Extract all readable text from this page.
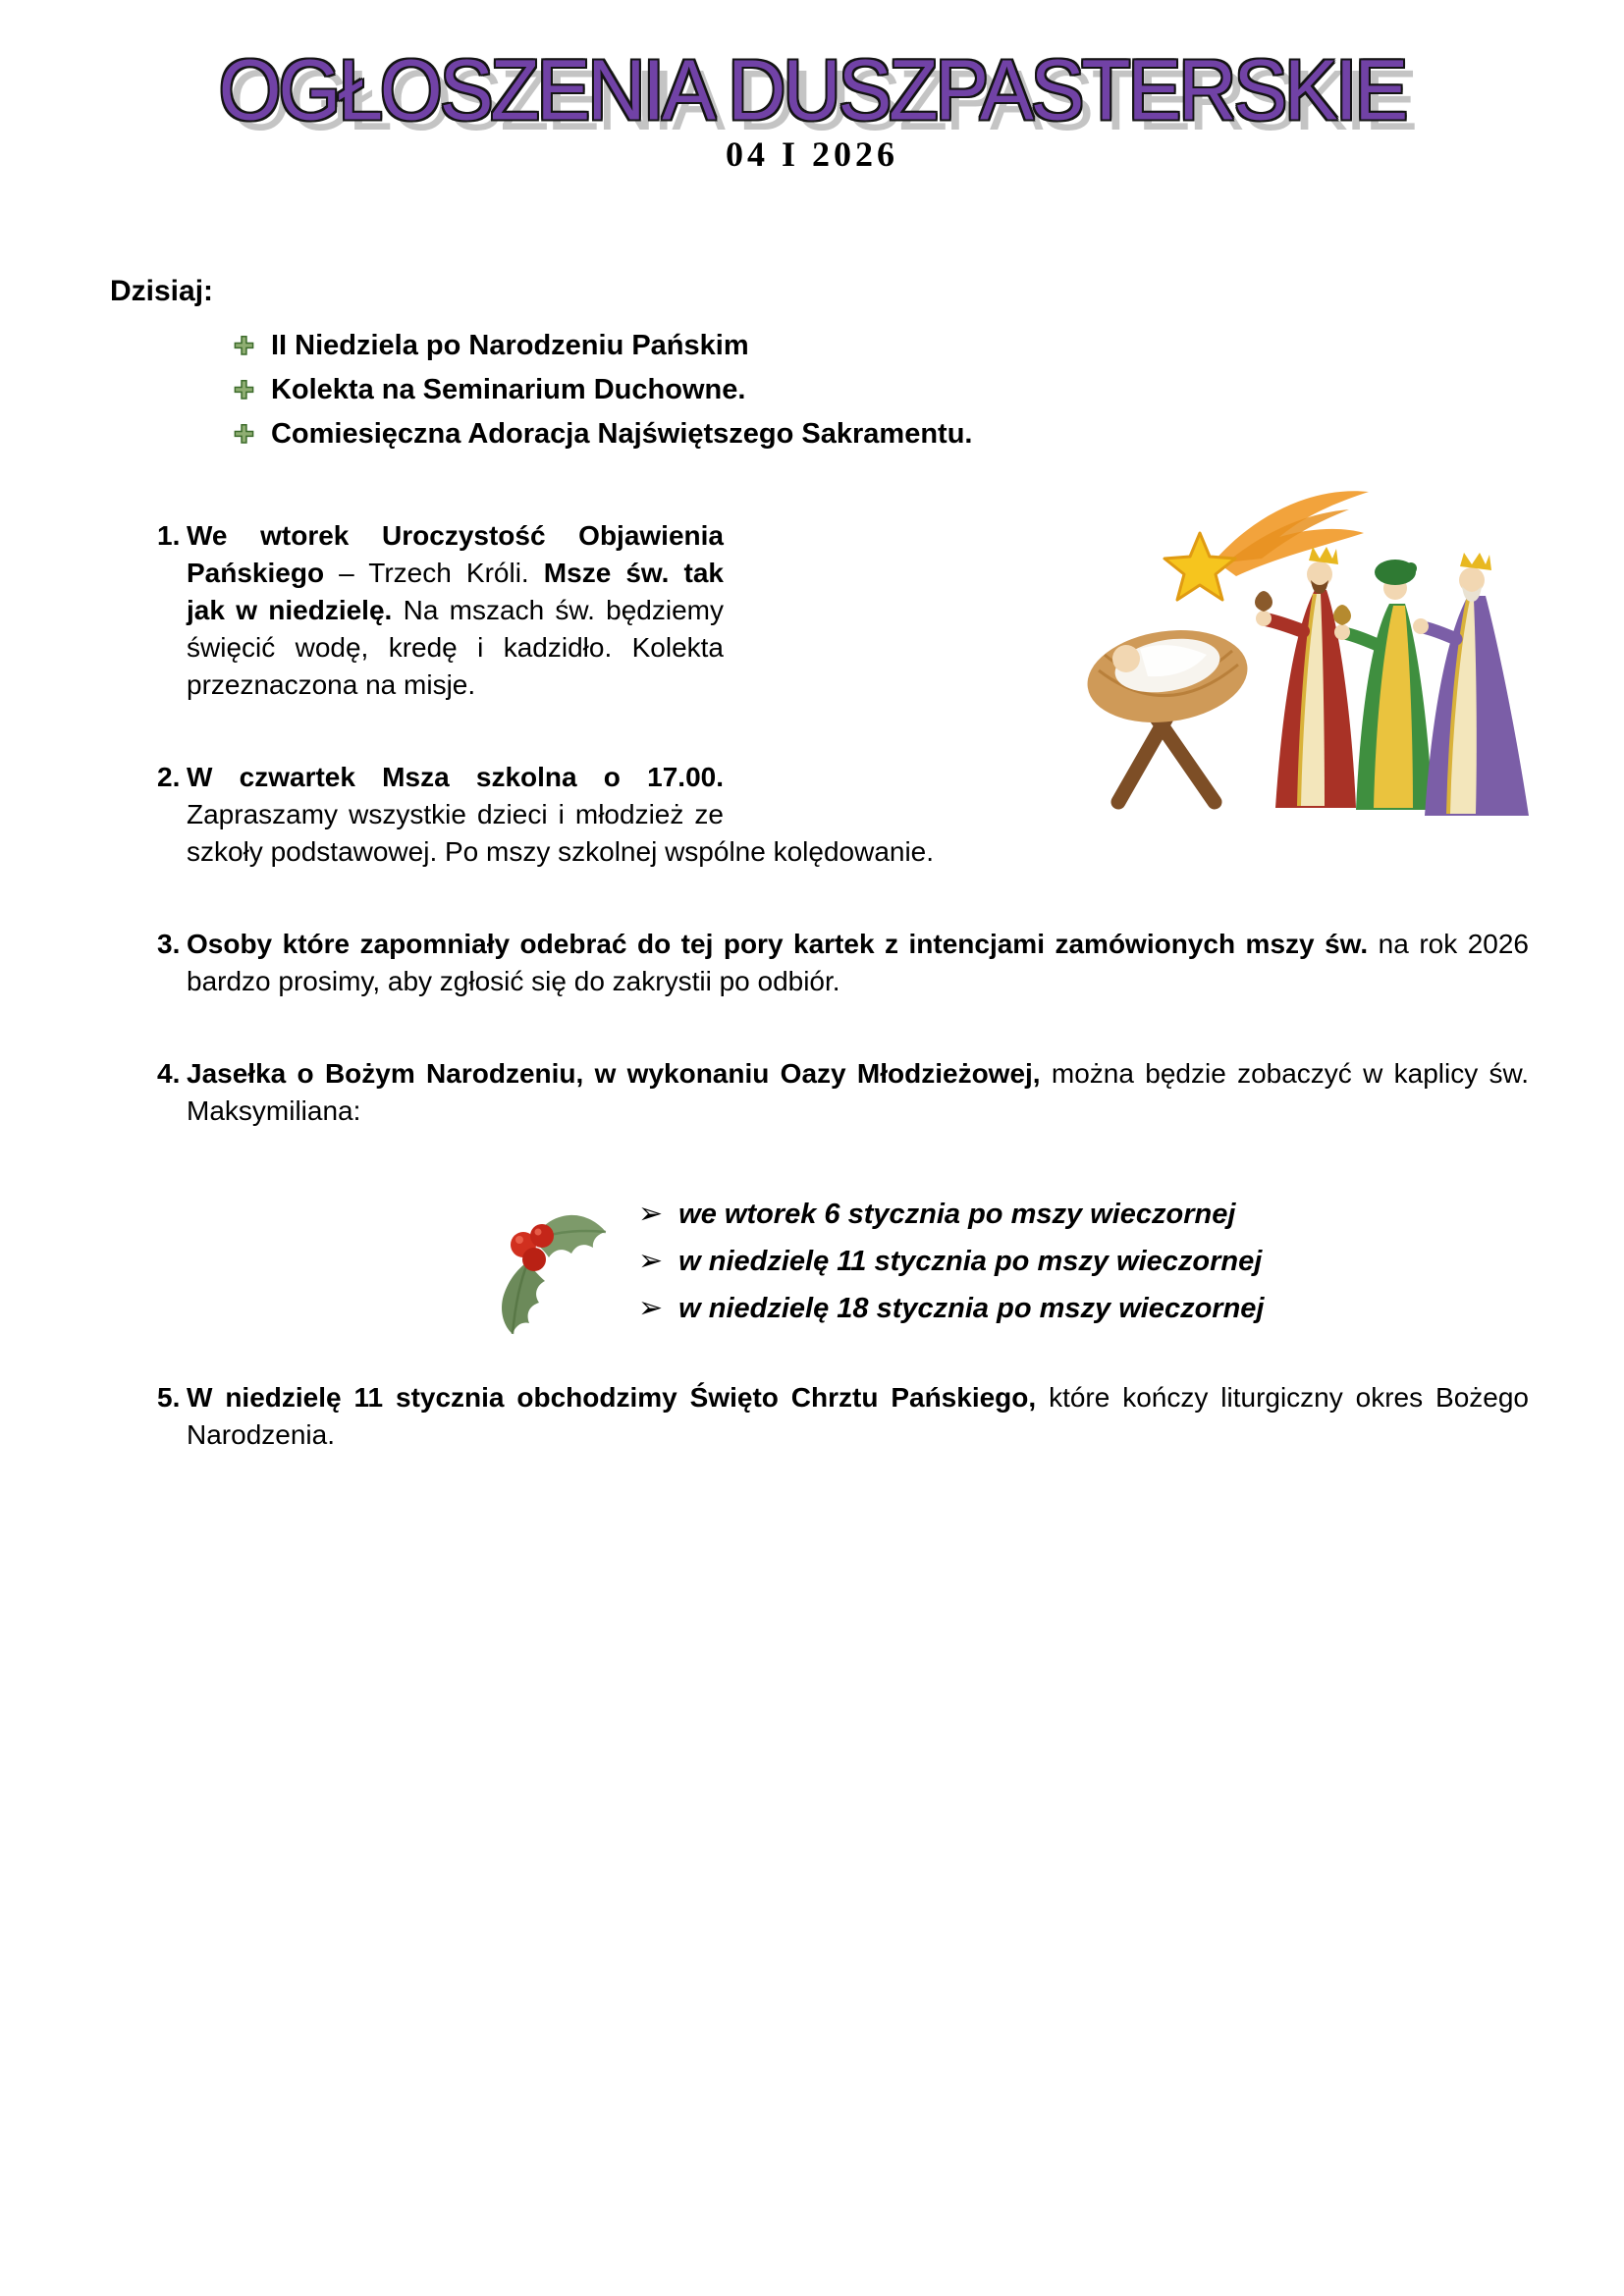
OGŁOSZENIA DUSZPASTERSKIE
04 I 2026
Dzisiaj:
✚ II Niedziela po Narodzeniu Pańskim
✚ Kolekta na Seminarium Duchowne.
✚ Comiesięczna Adoracja Najświętszego Sakramentu.

1. We wtorek Uroczystość Objawienia Pańskiego – Trzech Króli. Msze św. tak jak w niedzielę. Na mszach św. będziemy święcić wodę, kredę i kadzidło. Kolekta przeznaczona na misje.

2. W czwartek Msza szkolna o 17.00. Zapraszamy wszystkie dzieci i młodzież ze szkoły podstawowej. Po mszy szkolnej wspólne kolędowanie.

3. Osoby które zapomniały odebrać do tej pory kartek z intencjami zamówionych mszy św. na rok 2026 bardzo prosimy, aby zgłosić się do zakrystii po odbiór.

4. Jasełka o Bożym Narodzeniu, w wykonaniu Oazy Młodzieżowej, można będzie zobaczyć w kaplicy św. Maksymiliana:

➢ we wtorek 6 stycznia po mszy wieczornej
➢ w niedzielę 11 stycznia po mszy wieczornej
➢ w niedzielę 18 stycznia po mszy wieczornej

5. W niedzielę 11 stycznia obchodzimy Święto Chrztu Pańskiego, które kończy liturgiczny okres Bożego Narodzenia.
